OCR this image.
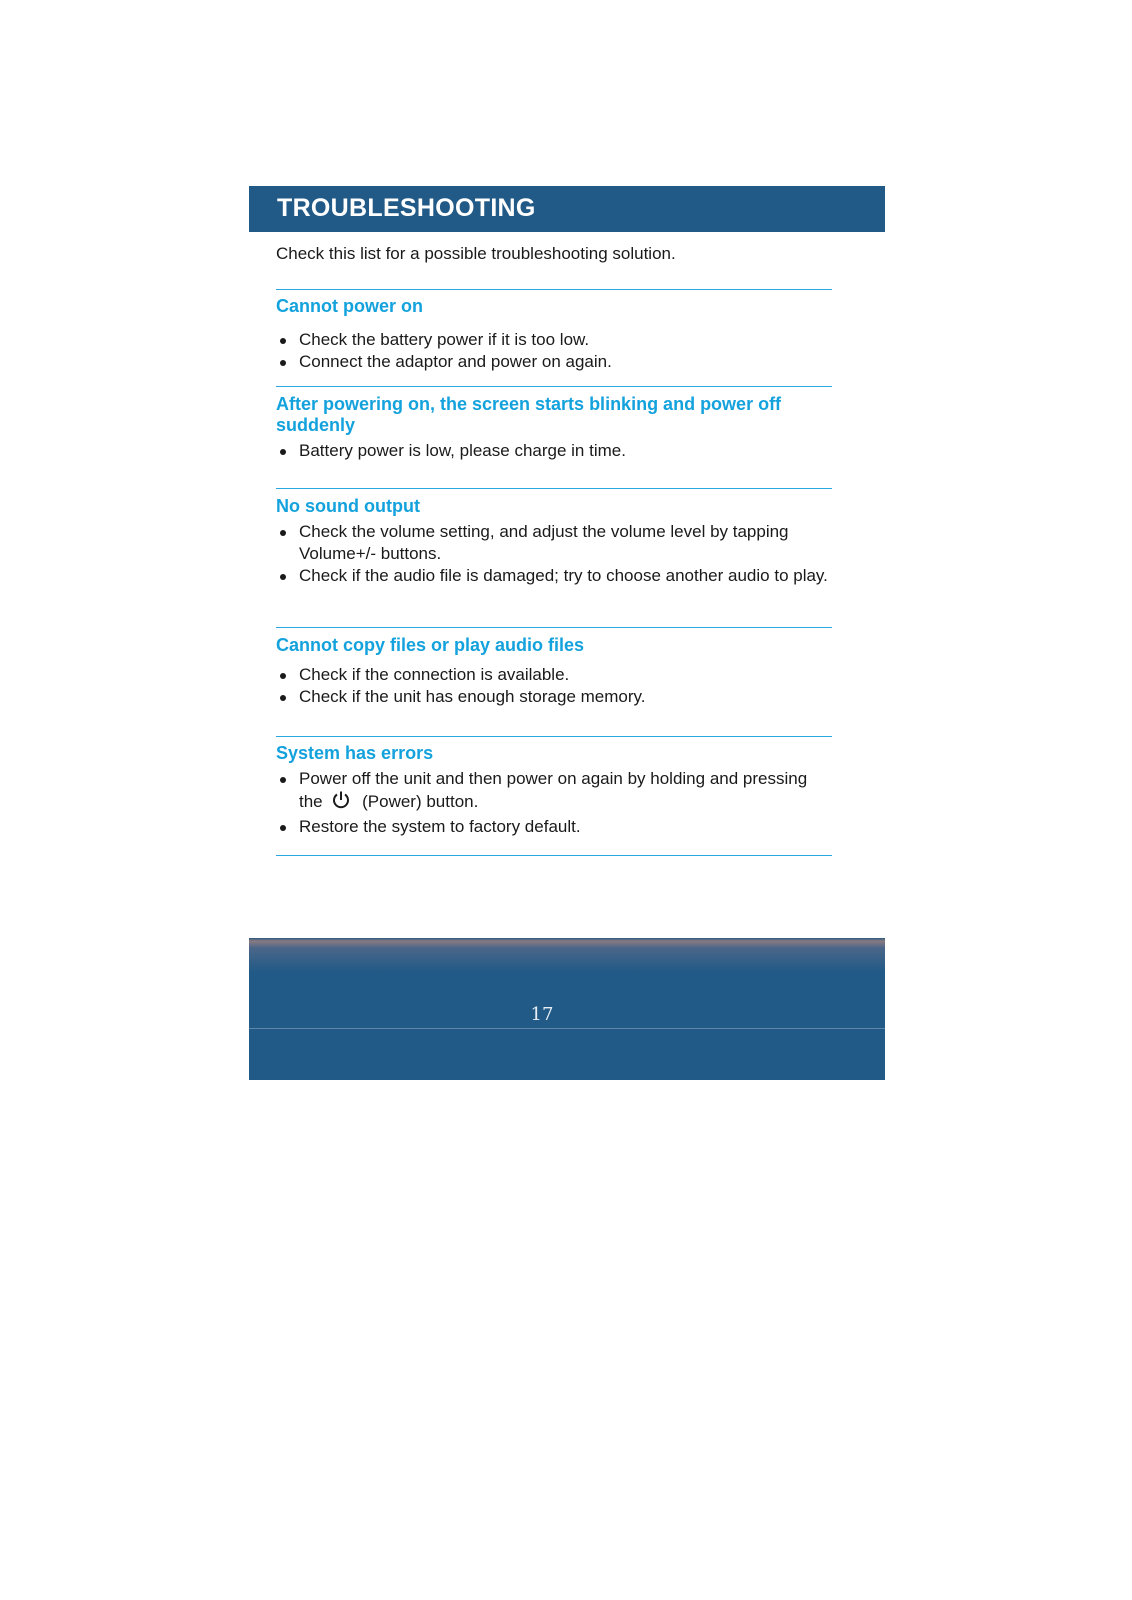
TROUBLESHOOTING

Check this list for a possible troubleshooting solution.

Cannot power on

Check the battery power if it is too low.
Connect the adaptor and power on again.

After powering on, the screen starts blinking and power off suddenly

Battery power is low, please charge in time.

No sound output

Check the volume setting, and adjust the volume level by tapping Volume+/- buttons.
Check if the audio file is damaged; try to choose another audio to play.

Cannot copy files or play audio files

Check if the connection is available.
Check if the unit has enough storage memory.

System has errors

Power off the unit and then power on again by holding and pressing the (Power) button.
Restore the system to factory default.
17
